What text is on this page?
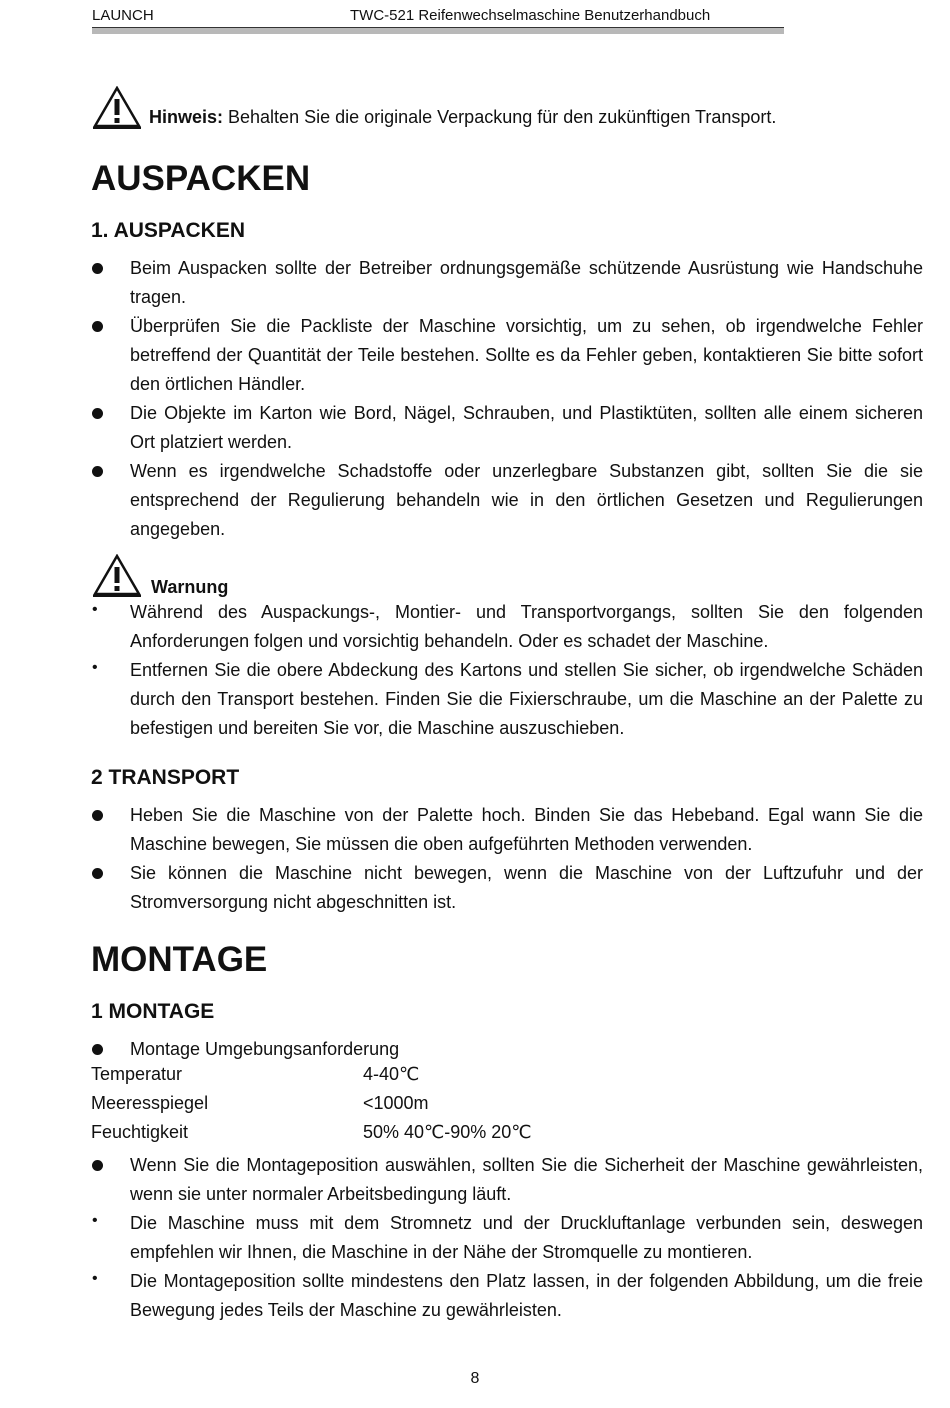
LAUNCH	TWC-521 Reifenwechselmaschine Benutzerhandbuch
Hinweis: Behalten Sie die originale Verpackung für den zukünftigen Transport.
AUSPACKEN
1. AUSPACKEN
Beim Auspacken sollte der Betreiber ordnungsgemäße schützende Ausrüstung wie Handschuhe tragen.
Überprüfen Sie die Packliste der Maschine vorsichtig, um zu sehen, ob irgendwelche Fehler betreffend der Quantität der Teile bestehen. Sollte es da Fehler geben, kontaktieren Sie bitte sofort den örtlichen Händler.
Die Objekte im Karton wie Bord, Nägel, Schrauben, und Plastiktüten, sollten alle einem sicheren Ort platziert werden.
Wenn es irgendwelche Schadstoffe oder unzerlegbare Substanzen gibt, sollten Sie die sie entsprechend der Regulierung behandeln wie in den örtlichen Gesetzen und Regulierungen angegeben.
Warnung
• Während des Auspackungs-, Montier- und Transportvorgangs, sollten Sie den folgenden Anforderungen folgen und vorsichtig behandeln. Oder es schadet der Maschine.
• Entfernen Sie die obere Abdeckung des Kartons und stellen Sie sicher, ob irgendwelche Schäden durch den Transport bestehen. Finden Sie die Fixierschraube, um die Maschine an der Palette zu befestigen und bereiten Sie vor, die Maschine auszuschieben.
2 TRANSPORT
Heben Sie die Maschine von der Palette hoch. Binden Sie das Hebeband. Egal wann Sie die Maschine bewegen, Sie müssen die oben aufgeführten Methoden verwenden.
Sie können die Maschine nicht bewegen, wenn die Maschine von der Luftzufuhr und der Stromversorgung nicht abgeschnitten ist.
MONTAGE
1 MONTAGE
Montage Umgebungsanforderung
Temperatur	4-40℃
Meeresspiegel	<1000m
Feuchtigkeit	50% 40℃-90% 20℃
Wenn Sie die Montageposition auswählen, sollten Sie die Sicherheit der Maschine gewährleisten, wenn sie unter normaler Arbeitsbedingung läuft.
• Die Maschine muss mit dem Stromnetz und der Druckluftanlage verbunden sein, deswegen empfehlen wir Ihnen, die Maschine in der Nähe der Stromquelle zu montieren.
• Die Montageposition sollte mindestens den Platz lassen, in der folgenden Abbildung, um die freie Bewegung jedes Teils der Maschine zu gewährleisten.
8
